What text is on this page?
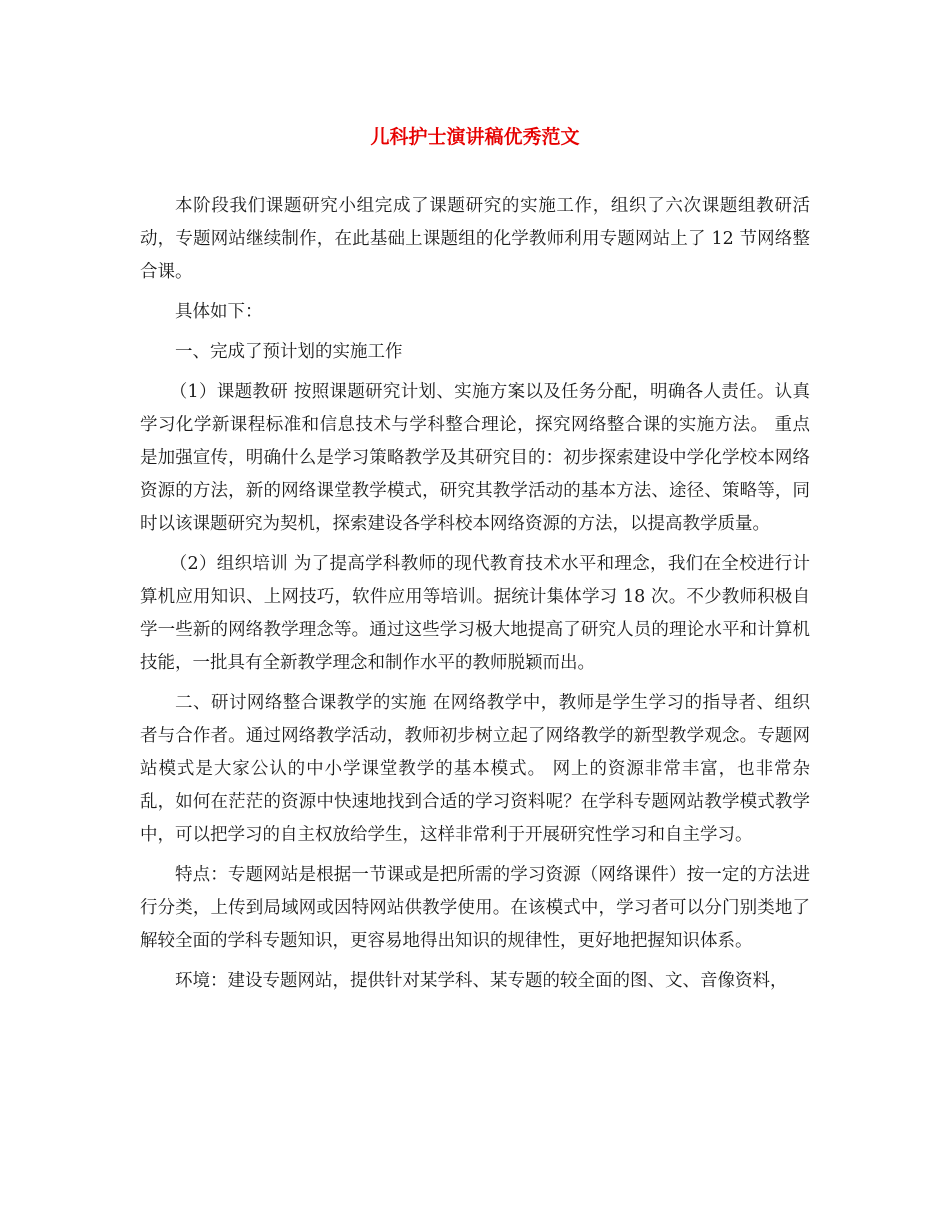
儿科护士演讲稿优秀范文

本阶段我们课题研究小组完成了课题研究的实施工作，组织了六次课题组教研活动，专题网站继续制作，在此基础上课题组的化学教师利用专题网站上了 12 节网络整合课。

具体如下：

一、完成了预计划的实施工作

（1）课题教研 按照课题研究计划、实施方案以及任务分配，明确各人责任。认真学习化学新课程标准和信息技术与学科整合理论，探究网络整合课的实施方法。 重点是加强宣传，明确什么是学习策略教学及其研究目的：初步探索建设中学化学校本网络资源的方法，新的网络课堂教学模式，研究其教学活动的基本方法、途径、策略等，同时以该课题研究为契机，探索建设各学科校本网络资源的方法，以提高教学质量。

（2）组织培训 为了提高学科教师的现代教育技术水平和理念，我们在全校进行计算机应用知识、上网技巧，软件应用等培训。据统计集体学习 18 次。不少教师积极自学一些新的网络教学理念等。通过这些学习极大地提高了研究人员的理论水平和计算机技能，一批具有全新教学理念和制作水平的教师脱颖而出。

二、研讨网络整合课教学的实施 在网络教学中，教师是学生学习的指导者、组织者与合作者。通过网络教学活动，教师初步树立起了网络教学的新型教学观念。专题网站模式是大家公认的中小学课堂教学的基本模式。 网上的资源非常丰富，也非常杂乱，如何在茫茫的资源中快速地找到合适的学习资料呢？在学科专题网站教学模式教学中，可以把学习的自主权放给学生，这样非常利于开展研究性学习和自主学习。

特点：专题网站是根据一节课或是把所需的学习资源（网络课件）按一定的方法进行分类，上传到局域网或因特网站供教学使用。在该模式中，学习者可以分门别类地了解较全面的学科专题知识，更容易地得出知识的规律性，更好地把握知识体系。

环境：建设专题网站，提供针对某学科、某专题的较全面的图、文、音像资料，
